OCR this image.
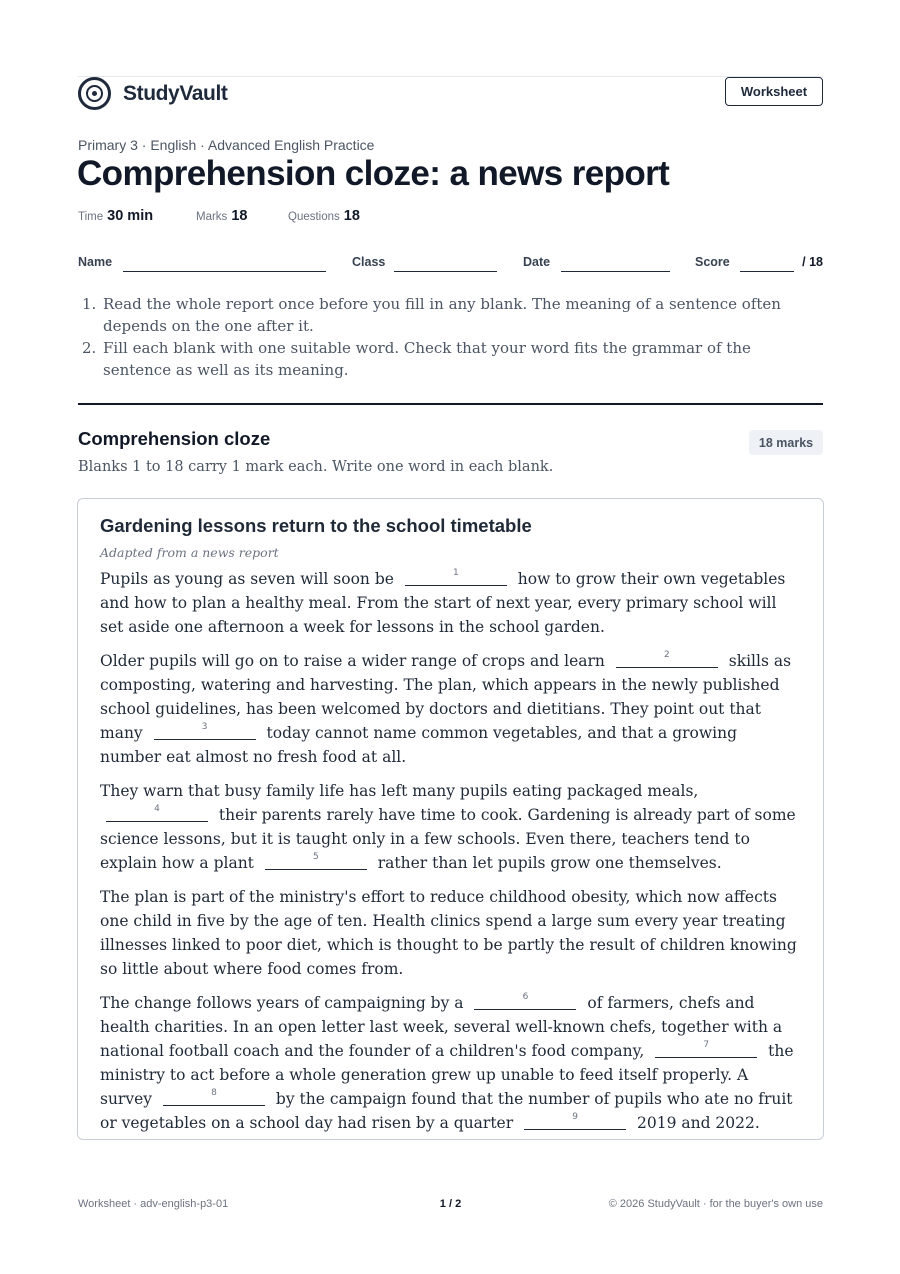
StudyVault	Worksheet
Primary 3 · English · Advanced English Practice
Comprehension cloze: a news report
Time 30 min	Marks 18	Questions 18
Name	Class	Date	Score	/ 18
1. Read the whole report once before you fill in any blank. The meaning of a sentence often depends on the one after it.
2. Fill each blank with one suitable word. Check that your word fits the grammar of the sentence as well as its meaning.
Comprehension cloze	18 marks
Blanks 1 to 18 carry 1 mark each. Write one word in each blank.
Gardening lessons return to the school timetable
Adapted from a news report

Pupils as young as seven will soon be	1	how to grow their own vegetables and how to plan a healthy meal. From the start of next year, every primary school will set aside one afternoon a week for lessons in the school garden.

Older pupils will go on to raise a wider range of crops and learn	2	skills as composting, watering and harvesting. The plan, which appears in the newly published school guidelines, has been welcomed by doctors and dietitians. They point out that many	3	today cannot name common vegetables, and that a growing number eat almost no fresh food at all.

They warn that busy family life has left many pupils eating packaged meals,
4	their parents rarely have time to cook. Gardening is already part of some science lessons, but it is taught only in a few schools. Even there, teachers tend to explain how a plant	5	rather than let pupils grow one themselves.

The plan is part of the ministry's effort to reduce childhood obesity, which now affects one child in five by the age of ten. Health clinics spend a large sum every year treating illnesses linked to poor diet, which is thought to be partly the result of children knowing so little about where food comes from.

The change follows years of campaigning by a	6	of farmers, chefs and health charities. In an open letter last week, several well-known chefs, together with a national football coach and the founder of a children's food company,	7	the ministry to act before a whole generation grew up unable to feed itself properly. A survey	8	by the campaign found that the number of pupils who ate no fruit or vegetables on a school day had risen by a quarter	9	2019 and 2022.

Worksheet · adv-english-p3-01	1 / 2	© 2026 StudyVault · for the buyer's own use
